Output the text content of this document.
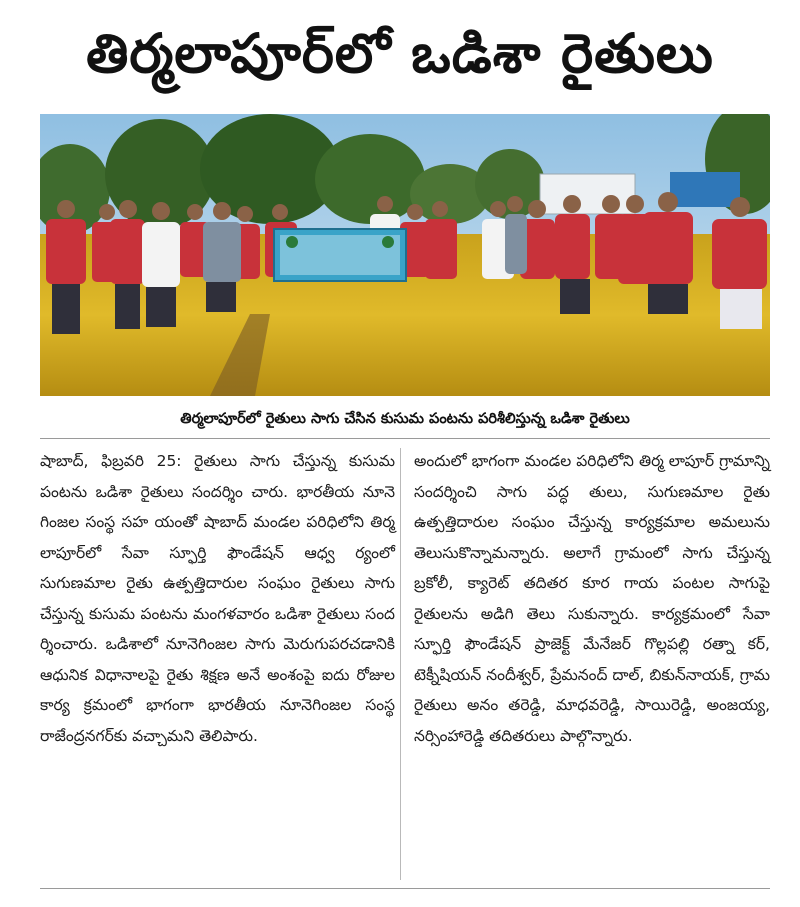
తిర్మలాపూర్‌లో ఒడిశా రైతులు
తిర్మలాపూర్‌లో రైతులు సాగు చేసిన కుసుమ పంటను పరిశీలిస్తున్న ఒడిశా రైతులు

షాబాద్, ఫిబ్రవరి 25: రైతులు సాగు చేస్తున్న కుసుమ పంటను ఒడిశా రైతులు సందర్శిం చారు. భారతీయ నూనె గింజల సంస్థ సహ యంతో షాబాద్ మండల పరిధిలోని తిర్మ లాపూర్‌లో సేవా స్ఫూర్తి ఫౌండేషన్ ఆధ్వ ర్యంలో సుగుణమాల రైతు ఉత్పత్తిదారుల సంఘం రైతులు సాగు చేస్తున్న కుసుమ పంటను మంగళవారం ఒడిశా రైతులు సంద ర్శించారు. ఒడిశాలో నూనెగింజల సాగు మెరుగుపరచడానికి ఆధునిక విధానాలపై రైతు శిక్షణ అనే అంశంపై ఐదు రోజుల కార్య క్రమంలో భాగంగా భారతీయ నూనెగింజల సంస్థ రాజేంద్రనగర్‌కు వచ్చామని తెలిపారు.

అందులో భాగంగా మండల పరిధిలోని తిర్మ లాపూర్ గ్రామాన్ని సందర్శించి సాగు పద్ధ తులు, సుగుణమాల రైతు ఉత్పత్తిదారుల సంఘం చేస్తున్న కార్యక్రమాల అమలును తెలుసుకొన్నామన్నారు. అలాగే గ్రామంలో సాగు చేస్తున్న బ్రకోలీ, క్యారెట్ తదితర కూర గాయ పంటల సాగుపై రైతులను అడిగి తెలు సుకున్నారు. కార్యక్రమంలో సేవా స్ఫూర్తి ఫౌండేషన్ ప్రాజెక్ట్ మేనేజర్ గొల్లపల్లి రత్నా కర్, టెక్నీషియన్ నందీశ్వర్, ప్రేమనంద్ దాల్, బికున్‌నాయక్, గ్రామ రైతులు అనం తరెడ్డి, మాధవరెడ్డి, సాయిరెడ్డి, అంజయ్య, నర్సింహారెడ్డి తదితరులు పాల్గొన్నారు.
